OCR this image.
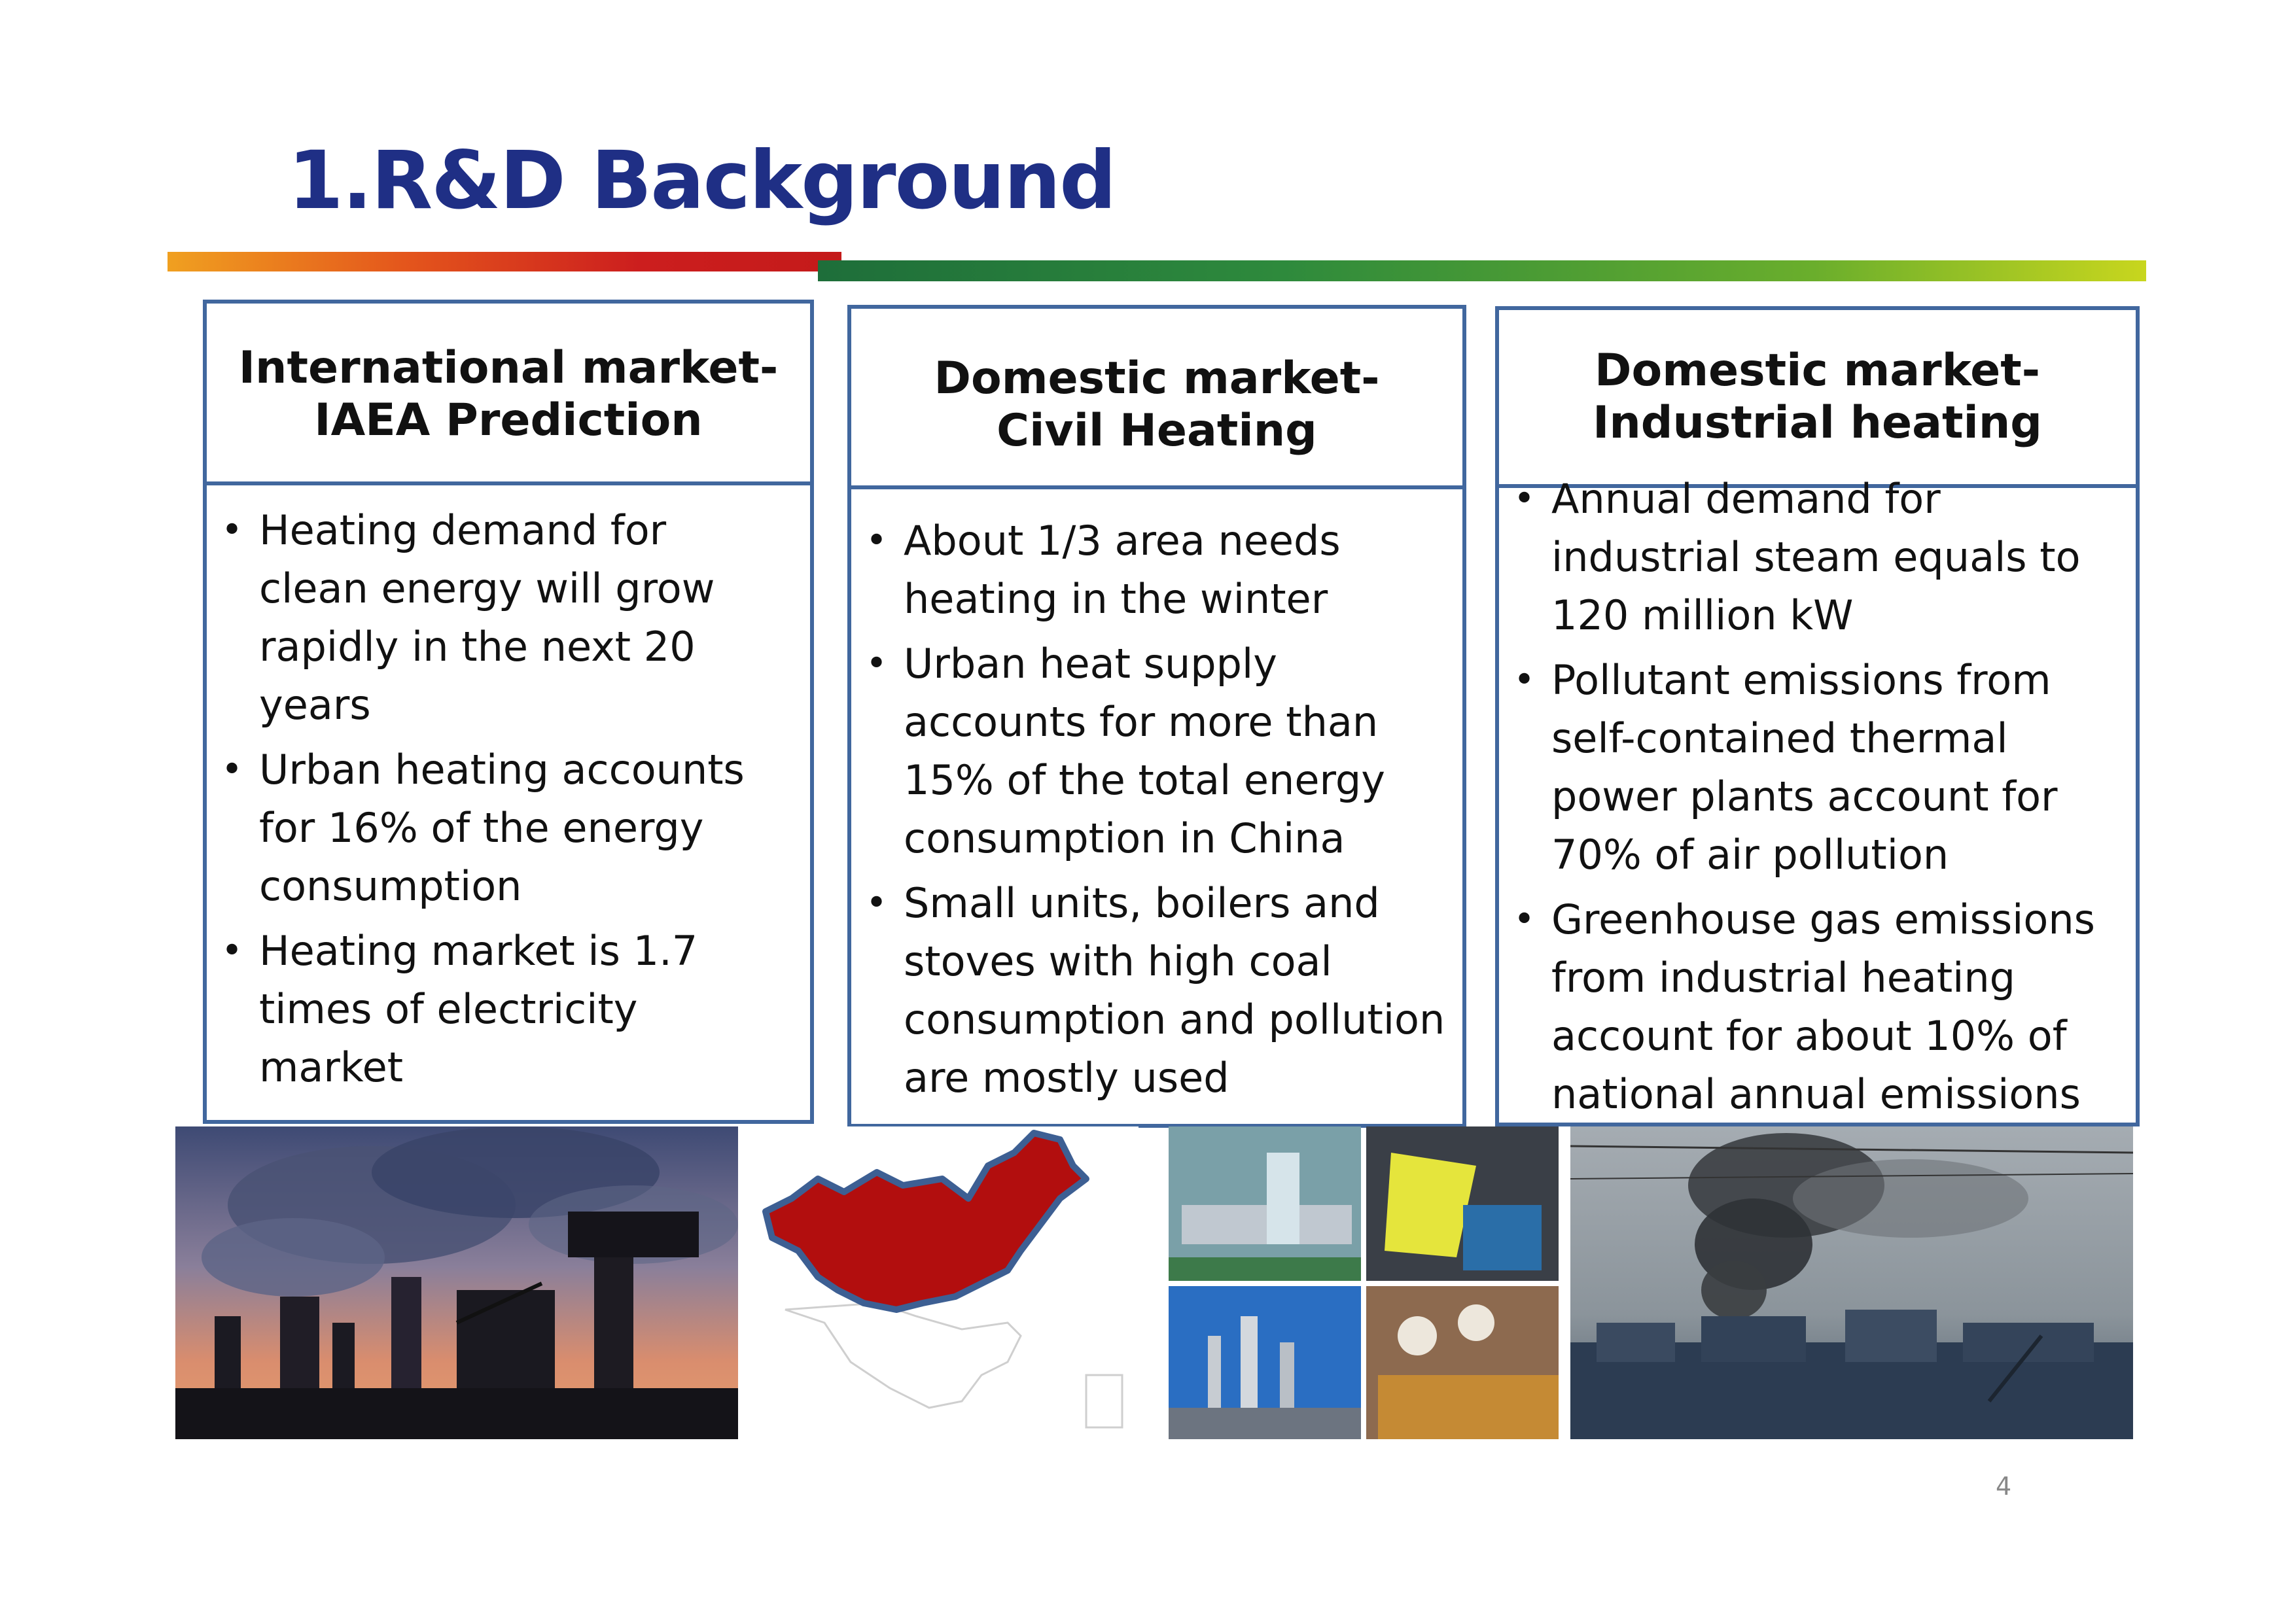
1.R&D Background
International market-
IAEA Prediction
• Heating demand for clean energy will grow rapidly in the next 20 years
• Urban heating accounts for 16% of the energy consumption
• Heating market is 1.7 times of electricity market
Domestic market-
Civil Heating
• About 1/3 area needs heating in the winter
• Urban heat supply accounts for more than 15% of the total energy consumption in China
• Small units, boilers and stoves with high coal consumption and pollution are mostly used
Domestic market-
Industrial heating
• Annual demand for industrial steam equals to 120 million kW
• Pollutant emissions from self-contained thermal power plants account for 70% of air pollution
• Greenhouse gas emissions from industrial heating account for about 10% of national annual emissions
4
